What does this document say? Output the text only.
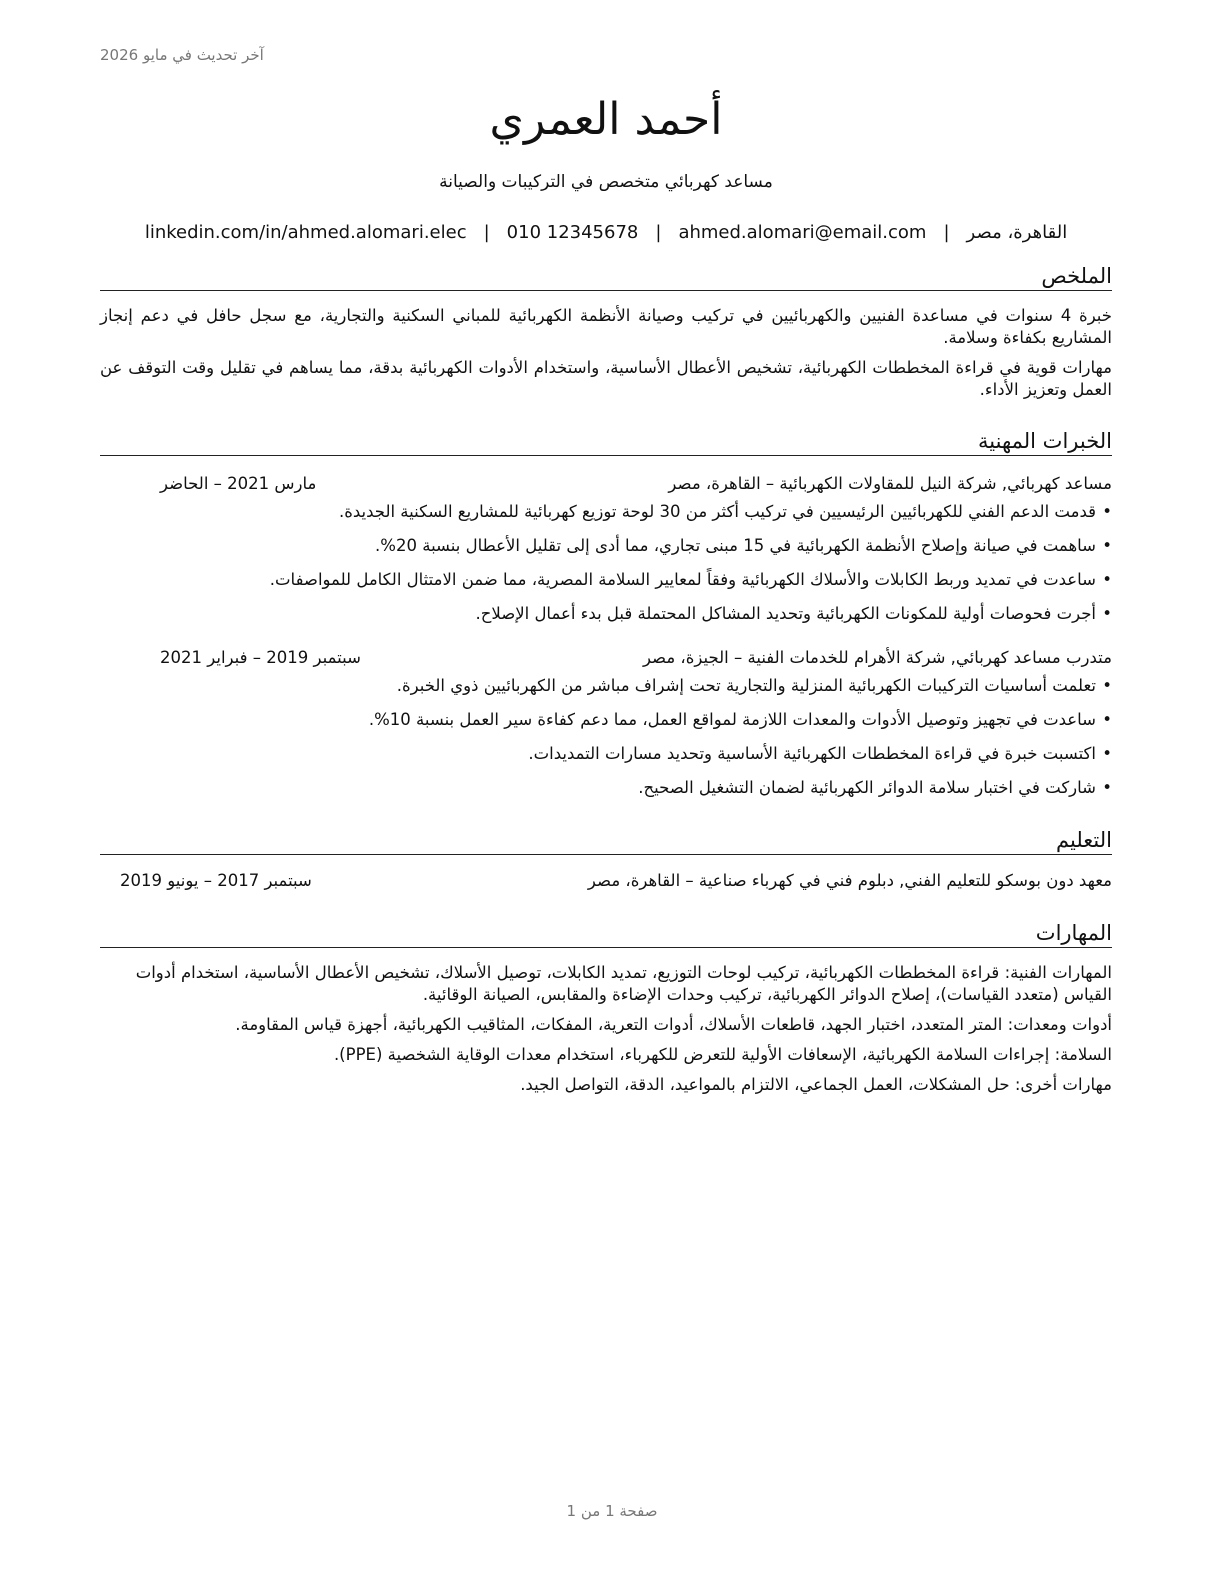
آخر تحديث في مايو 2026
أحمد العمري
مساعد كهربائي متخصص في التركيبات والصيانة
القاهرة، مصر
|
ahmed.alomari@email.com
|
010 12345678
|
linkedin.com/in/ahmed.alomari.elec
الملخص

خبرة 4 سنوات في مساعدة الفنيين والكهربائيين في تركيب وصيانة الأنظمة الكهربائية للمباني السكنية والتجارية، مع سجل حافل في دعم إنجاز المشاريع بكفاءة وسلامة.

مهارات قوية في قراءة المخططات الكهربائية، تشخيص الأعطال الأساسية، واستخدام الأدوات الكهربائية بدقة، مما يساهم في تقليل وقت التوقف عن العمل وتعزيز الأداء.

الخبرات المهنية
مساعد كهربائي, شركة النيل للمقاولات الكهربائية – القاهرة، مصر
مارس 2021 – الحاضر
• قدمت الدعم الفني للكهربائيين الرئيسيين في تركيب أكثر من 30 لوحة توزيع كهربائية للمشاريع السكنية الجديدة.
• ساهمت في صيانة وإصلاح الأنظمة الكهربائية في 15 مبنى تجاري، مما أدى إلى تقليل الأعطال بنسبة 20%.
• ساعدت في تمديد وربط الكابلات والأسلاك الكهربائية وفقاً لمعايير السلامة المصرية، مما ضمن الامتثال الكامل للمواصفات.
• أجرت فحوصات أولية للمكونات الكهربائية وتحديد المشاكل المحتملة قبل بدء أعمال الإصلاح.
متدرب مساعد كهربائي, شركة الأهرام للخدمات الفنية – الجيزة، مصر
سبتمبر 2019 – فبراير 2021
• تعلمت أساسيات التركيبات الكهربائية المنزلية والتجارية تحت إشراف مباشر من الكهربائيين ذوي الخبرة.
• ساعدت في تجهيز وتوصيل الأدوات والمعدات اللازمة لمواقع العمل، مما دعم كفاءة سير العمل بنسبة 10%.
• اكتسبت خبرة في قراءة المخططات الكهربائية الأساسية وتحديد مسارات التمديدات.
• شاركت في اختبار سلامة الدوائر الكهربائية لضمان التشغيل الصحيح.
التعليم
معهد دون بوسكو للتعليم الفني, دبلوم فني في كهرباء صناعية – القاهرة، مصر
سبتمبر 2017 – يونيو 2019
المهارات

المهارات الفنية: قراءة المخططات الكهربائية، تركيب لوحات التوزيع، تمديد الكابلات، توصيل الأسلاك، تشخيص الأعطال الأساسية، استخدام أدوات القياس (متعدد القياسات)، إصلاح الدوائر الكهربائية، تركيب وحدات الإضاءة والمقابس، الصيانة الوقائية.

أدوات ومعدات: المتر المتعدد، اختبار الجهد، قاطعات الأسلاك، أدوات التعرية، المفكات، المثاقيب الكهربائية، أجهزة قياس المقاومة.

السلامة: إجراءات السلامة الكهربائية، الإسعافات الأولية للتعرض للكهرباء، استخدام معدات الوقاية الشخصية (PPE).

مهارات أخرى: حل المشكلات، العمل الجماعي، الالتزام بالمواعيد، الدقة، التواصل الجيد.

صفحة 1 من 1
